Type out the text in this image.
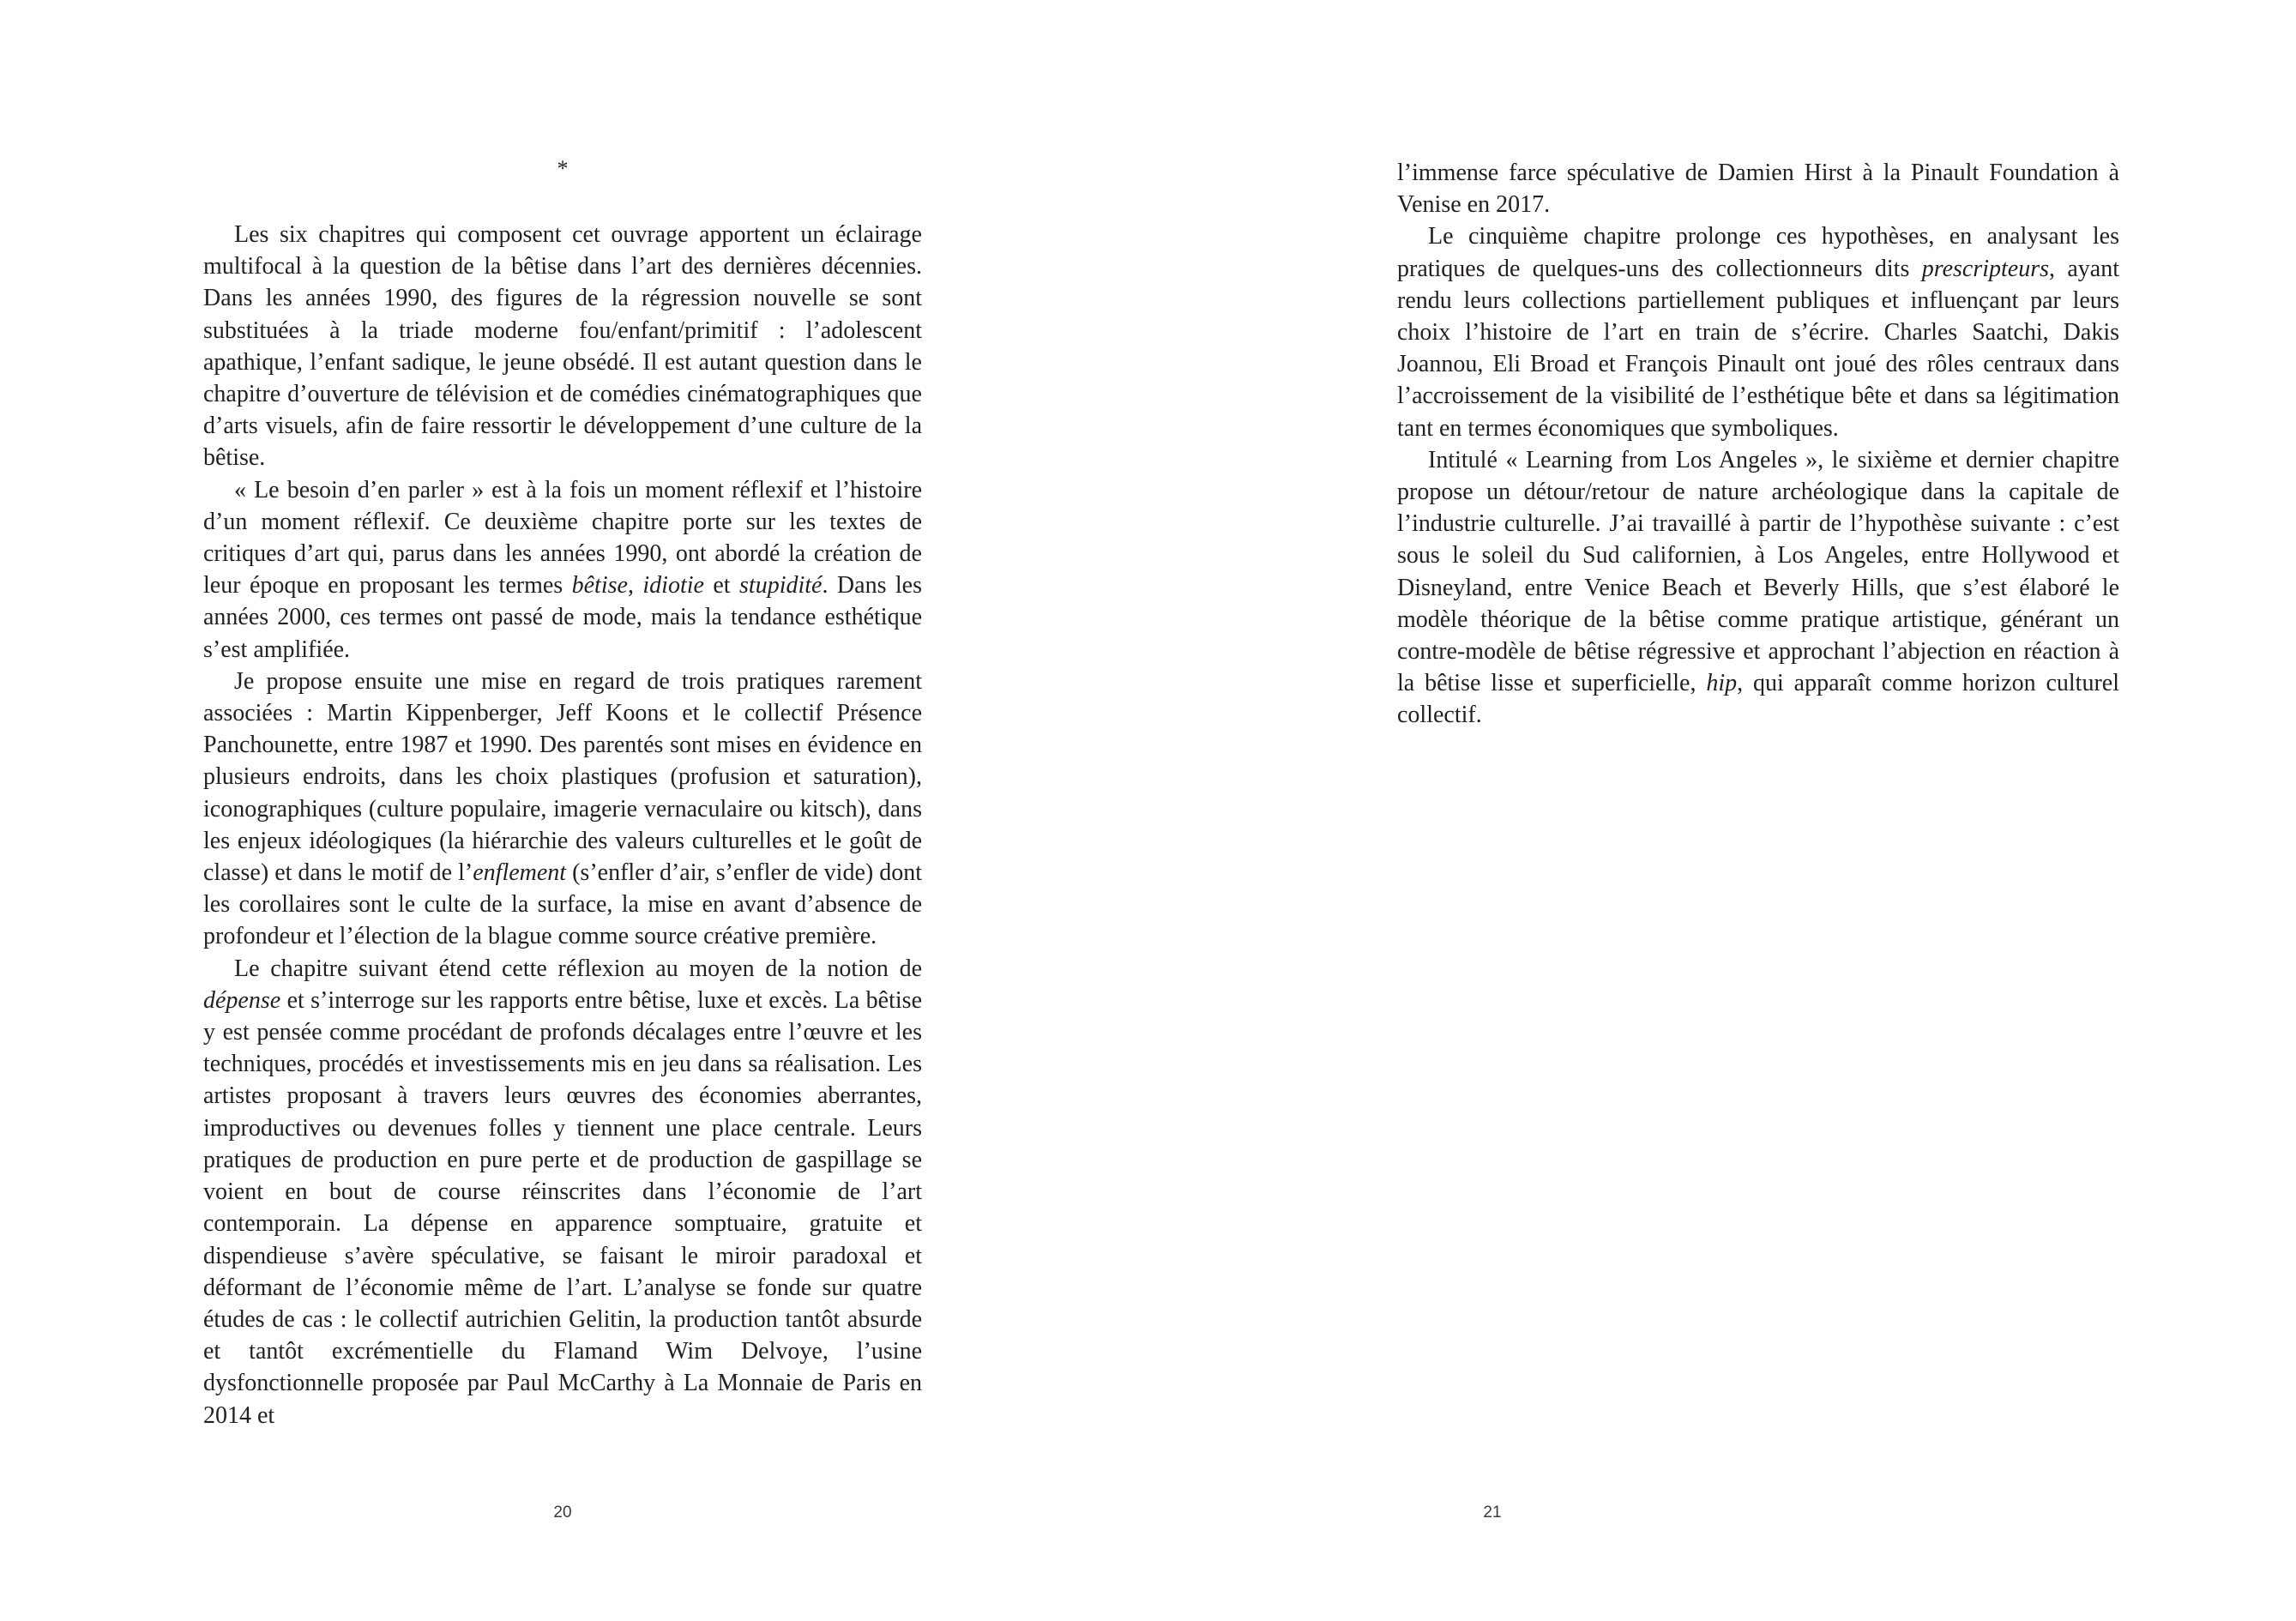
*

Les six chapitres qui composent cet ouvrage apportent un éclairage multifocal à la question de la bêtise dans l’art des dernières décennies. Dans les années 1990, des figures de la régression nouvelle se sont substituées à la triade moderne fou/enfant/primitif : l’adolescent apathique, l’enfant sadique, le jeune obsédé. Il est autant question dans le chapitre d’ouverture de télévision et de comédies cinématographiques que d’arts visuels, afin de faire ressortir le développement d’une culture de la bêtise.

« Le besoin d’en parler » est à la fois un moment réflexif et l’histoire d’un moment réflexif. Ce deuxième chapitre porte sur les textes de critiques d’art qui, parus dans les années 1990, ont abordé la création de leur époque en proposant les termes bêtise, idiotie et stupidité. Dans les années 2000, ces termes ont passé de mode, mais la tendance esthétique s’est amplifiée.

Je propose ensuite une mise en regard de trois pratiques rarement associées : Martin Kippenberger, Jeff Koons et le collectif Présence Panchounette, entre 1987 et 1990. Des parentés sont mises en évidence en plusieurs endroits, dans les choix plastiques (profusion et saturation), iconographiques (culture populaire, imagerie vernaculaire ou kitsch), dans les enjeux idéologiques (la hiérarchie des valeurs culturelles et le goût de classe) et dans le motif de l’enflement (s’enfler d’air, s’enfler de vide) dont les corollaires sont le culte de la surface, la mise en avant d’absence de profondeur et l’élection de la blague comme source créative première.

Le chapitre suivant étend cette réflexion au moyen de la notion de dépense et s’interroge sur les rapports entre bêtise, luxe et excès. La bêtise y est pensée comme procédant de profonds décalages entre l’œuvre et les techniques, procédés et investissements mis en jeu dans sa réalisation. Les artistes proposant à travers leurs œuvres des économies aberrantes, improductives ou devenues folles y tiennent une place centrale. Leurs pratiques de production en pure perte et de production de gaspillage se voient en bout de course réinscrites dans l’économie de l’art contemporain. La dépense en apparence somptuaire, gratuite et dispendieuse s’avère spéculative, se faisant le miroir paradoxal et déformant de l’économie même de l’art. L’analyse se fonde sur quatre études de cas : le collectif autrichien Gelitin, la production tantôt absurde et tantôt excrémentielle du Flamand Wim Delvoye, l’usine dysfonctionnelle proposée par Paul McCarthy à La Monnaie de Paris en 2014 et

20

l’immense farce spéculative de Damien Hirst à la Pinault Foundation à Venise en 2017.

Le cinquième chapitre prolonge ces hypothèses, en analysant les pratiques de quelques-uns des collectionneurs dits prescripteurs, ayant rendu leurs collections partiellement publiques et influençant par leurs choix l’histoire de l’art en train de s’écrire. Charles Saatchi, Dakis Joannou, Eli Broad et François Pinault ont joué des rôles centraux dans l’accroissement de la visibilité de l’esthétique bête et dans sa légitimation tant en termes économiques que symboliques.

Intitulé « Learning from Los Angeles », le sixième et dernier chapitre propose un détour/retour de nature archéologique dans la capitale de l’industrie culturelle. J’ai travaillé à partir de l’hypothèse suivante : c’est sous le soleil du Sud californien, à Los Angeles, entre Hollywood et Disneyland, entre Venice Beach et Beverly Hills, que s’est élaboré le modèle théorique de la bêtise comme pratique artistique, générant un contre-modèle de bêtise régressive et approchant l’abjection en réaction à la bêtise lisse et superficielle, hip, qui apparaît comme horizon culturel collectif.

21
